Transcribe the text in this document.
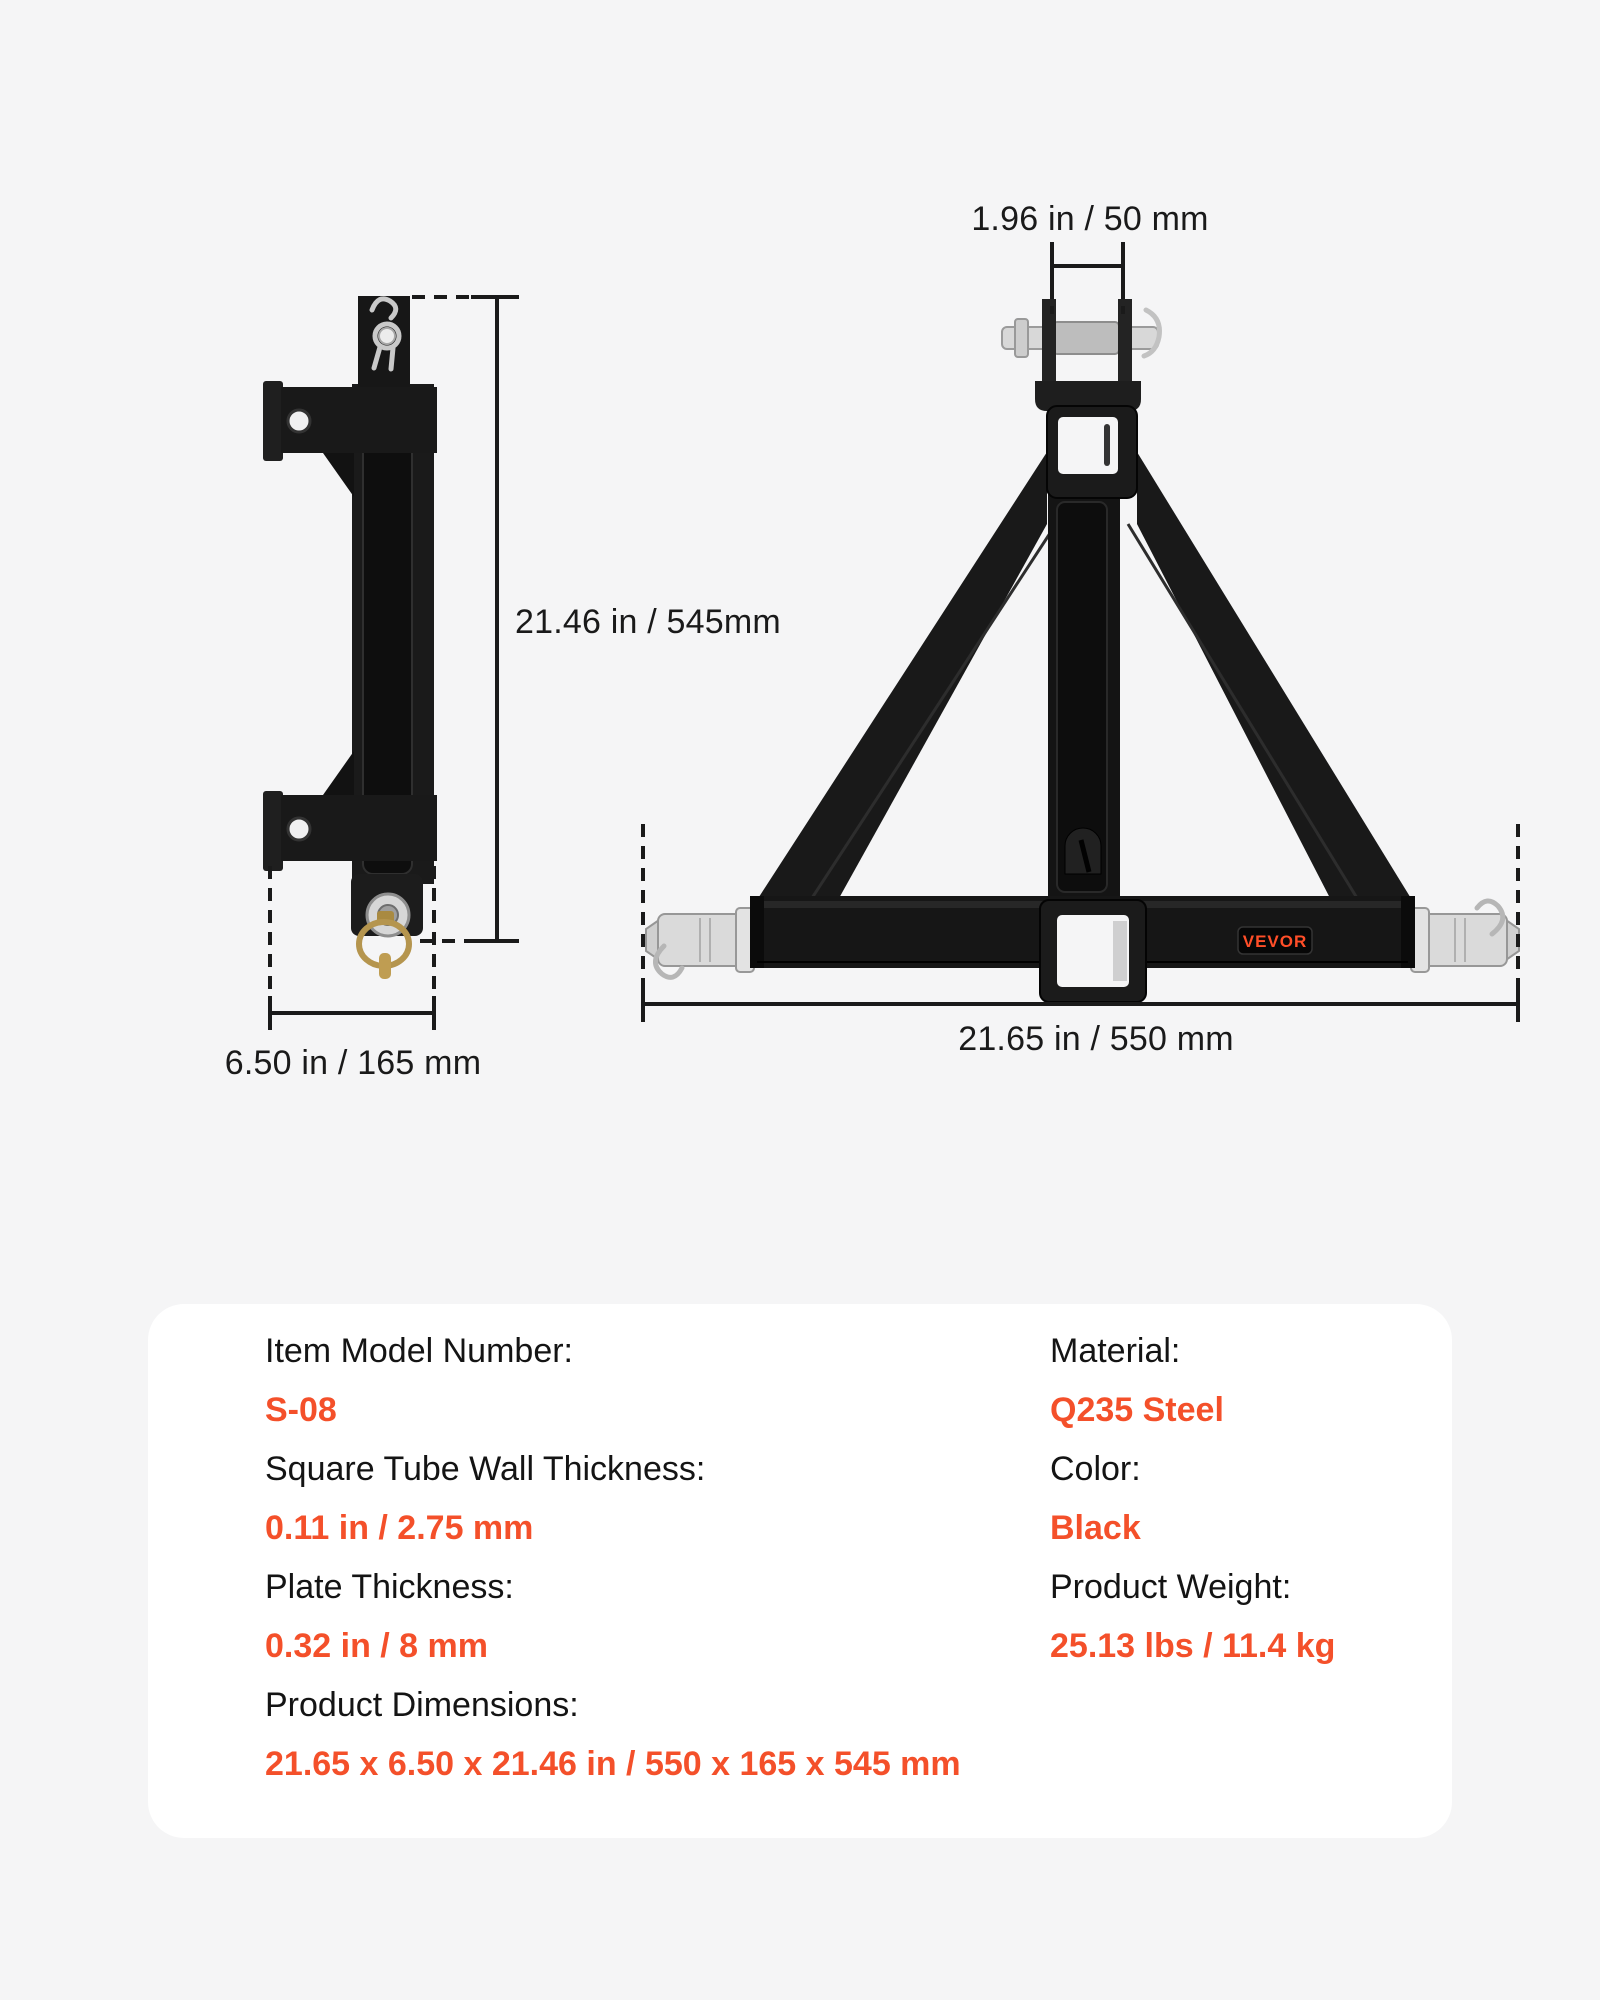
VEVOR
1.96 in / 50 mm
21.46 in / 545mm
6.50 in / 165 mm
21.65 in / 550 mm
Item Model Number:
S-08
Square Tube Wall Thickness:
0.11 in / 2.75 mm
Plate Thickness:
0.32 in / 8 mm
Product Dimensions:
21.65 x 6.50 x 21.46 in / 550 x 165 x 545 mm
Material:
Q235 Steel
Color:
Black
Product Weight:
25.13 lbs / 11.4 kg
